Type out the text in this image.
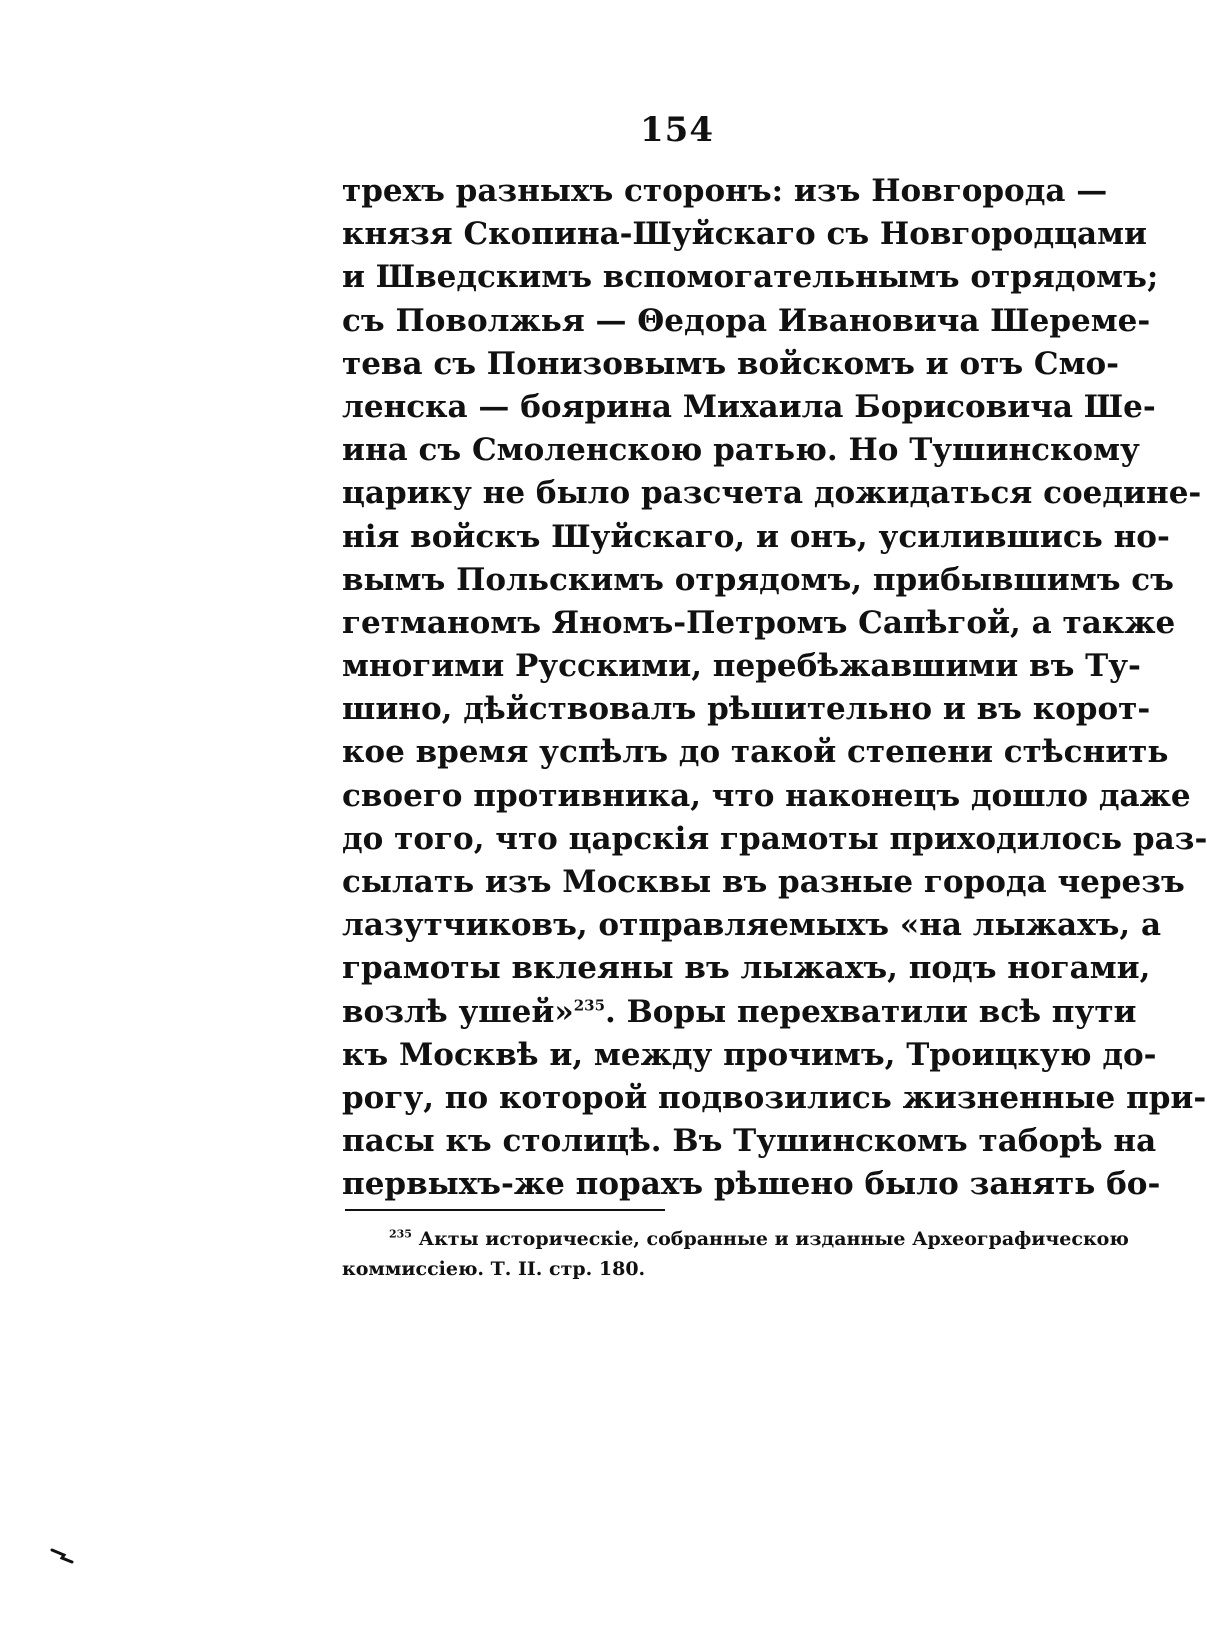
154
трехъ разныхъ сторонъ: изъ Новгорода —
князя Скопина-Шуйскаго съ Новгородцами
и Шведскимъ вспомогательнымъ отрядомъ;
съ Поволжья — Θедора Ивановича Шереме-
тева съ Понизовымъ войскомъ и отъ Смо-
ленска — боярина Михаила Борисовича Ше-
ина съ Смоленскою ратью. Но Тушинскому
царику не было разсчета дожидаться соедине-
нія войскъ Шуйскаго, и онъ, усилившись но-
вымъ Польскимъ отрядомъ, прибывшимъ съ
гетманомъ Яномъ-Петромъ Сапѣгой, а также
многими Русскими, перебѣжавшими въ Ту-
шино, дѣйствовалъ рѣшительно и въ корот-
кое время успѣлъ до такой степени стѣснить
своего противника, что наконецъ дошло даже
до того, что царскія грамоты приходилось раз-
сылать изъ Москвы въ разные города черезъ
лазутчиковъ, отправляемыхъ «на лыжахъ, а
грамоты вклеяны въ лыжахъ, подъ ногами,
возлѣ ушей»$^{235}$. Воры перехватили всѣ пути
къ Москвѣ и, между прочимъ, Троицкую до-
рогу, по которой подвозились жизненные при-
пасы къ столицѣ. Въ Тушинскомъ таборѣ на
первыхъ-же порахъ рѣшено было занять бо-
$^{235}$ Акты историческіе, собранные и изданные Археографическою
коммиссіею. Т. II. стр. 180.
